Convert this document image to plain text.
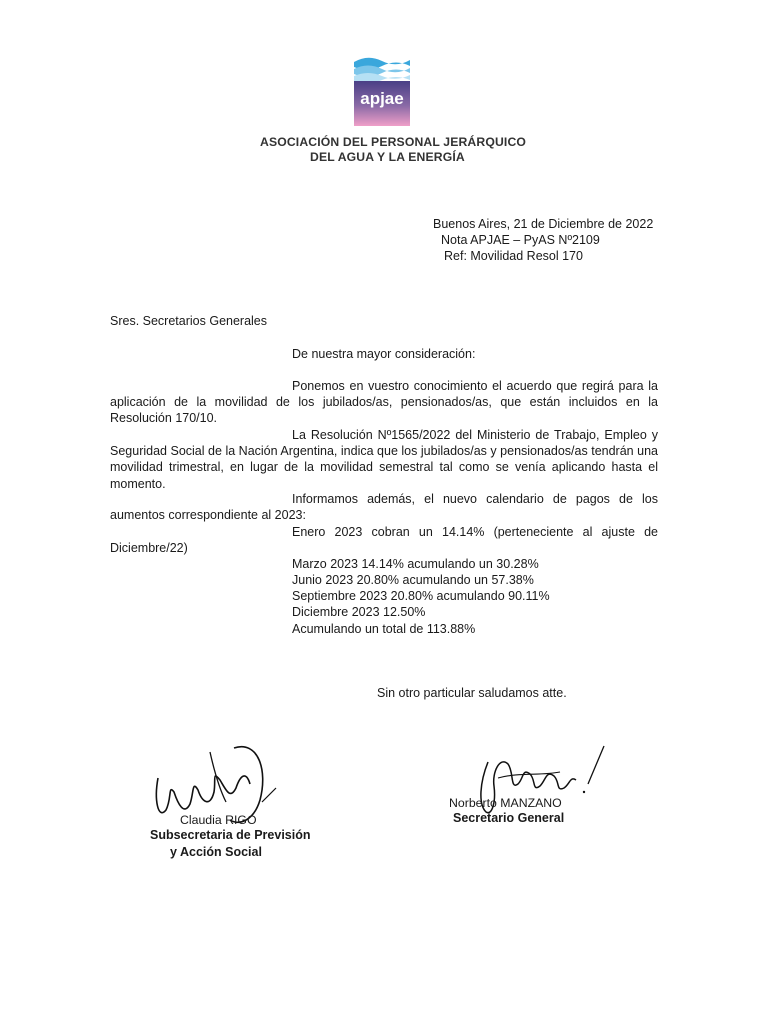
apjae
ASOCIACIÓN DEL PERSONAL JERÁRQUICO
DEL AGUA Y LA ENERGÍA
Buenos Aires, 21 de Diciembre de 2022
Nota APJAE – PyAS Nº2109
Ref: Movilidad Resol 170
Sres. Secretarios Generales
De nuestra mayor consideración:
Ponemos en vuestro conocimiento el acuerdo que regirá para la aplicación de la movilidad de los jubilados/as, pensionados/as, que están incluidos en la Resolución 170/10.
La Resolución Nº1565/2022 del Ministerio de Trabajo, Empleo y Seguridad Social de la Nación Argentina, indica que los jubilados/as y pensionados/as tendrán una movilidad trimestral, en lugar de la movilidad semestral tal como se venía aplicando hasta el momento.
Informamos además, el nuevo calendario de pagos de los aumentos correspondiente al 2023:
Enero 2023 cobran un 14.14% (perteneciente al ajuste de Diciembre/22)
Marzo 2023 14.14% acumulando un 30.28%
Junio 2023 20.80% acumulando un 57.38%
Septiembre 2023 20.80% acumulando 90.11%
Diciembre 2023 12.50%
Acumulando un total de 113.88%
Sin otro particular saludamos atte.
Claudia RIGO
Subsecretaria de Previsión
y Acción Social
Norberto MANZANO
Secretario General
